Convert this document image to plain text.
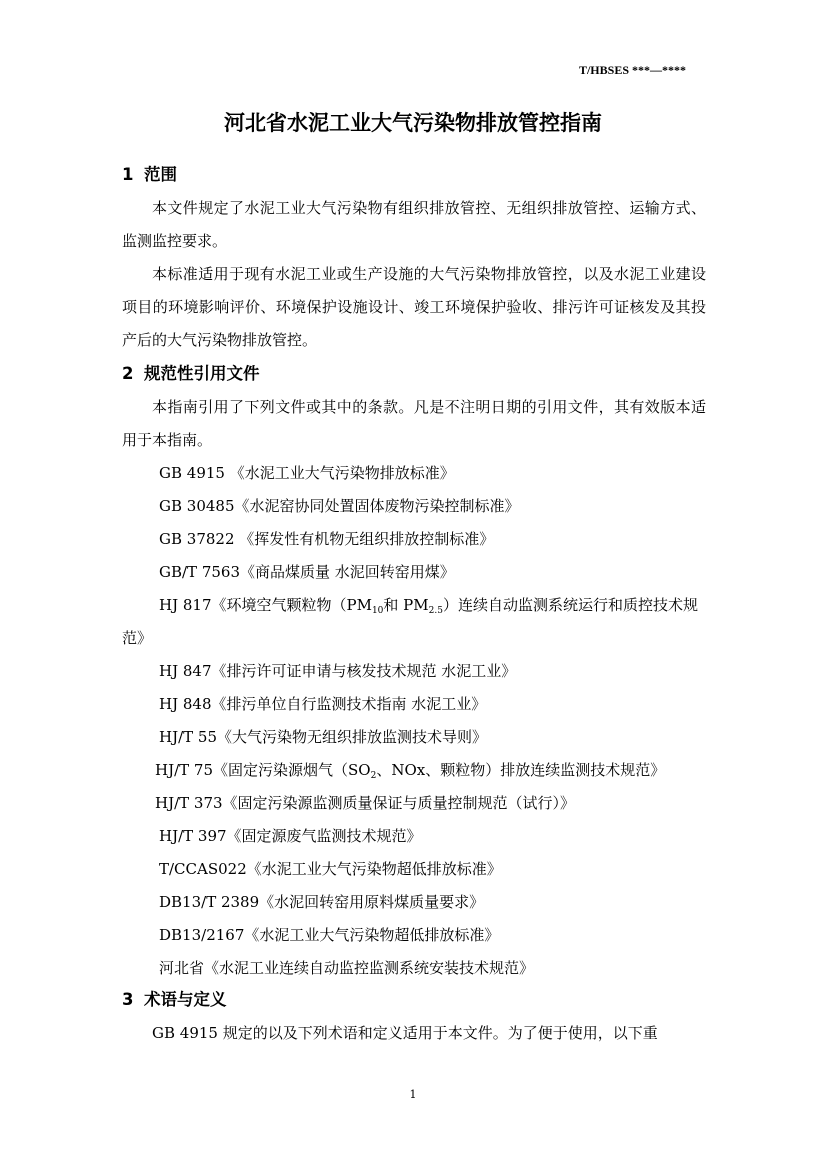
T/HBSES ***—****
河北省水泥工业大气污染物排放管控指南
1 范围
本文件规定了水泥工业大气污染物有组织排放管控、无组织排放管控、运输方式、监测监控要求。
本标准适用于现有水泥工业或生产设施的大气污染物排放管控，以及水泥工业建设项目的环境影响评价、环境保护设施设计、竣工环境保护验收、排污许可证核发及其投产后的大气污染物排放管控。
2 规范性引用文件
本指南引用了下列文件或其中的条款。凡是不注明日期的引用文件，其有效版本适用于本指南。
GB 4915 《水泥工业大气污染物排放标准》
GB 30485《水泥窑协同处置固体废物污染控制标准》
GB 37822 《挥发性有机物无组织排放控制标准》
GB/T 7563《商品煤质量 水泥回转窑用煤》
HJ 817《环境空气颗粒物（$PM_{10}$和 $PM_{2.5}$）连续自动监测系统运行和质控技术规范》
HJ 847《排污许可证申请与核发技术规范 水泥工业》
HJ 848《排污单位自行监测技术指南 水泥工业》
HJ/T 55《大气污染物无组织排放监测技术导则》
HJ/T 75《固定污染源烟气（$SO_2$、NOx、颗粒物）排放连续监测技术规范》
HJ/T 373《固定污染源监测质量保证与质量控制规范（试行）》
HJ/T 397《固定源废气监测技术规范》
T/CCAS022《水泥工业大气污染物超低排放标准》
DB13/T 2389《水泥回转窑用原料煤质量要求》
DB13/2167《水泥工业大气污染物超低排放标准》
河北省《水泥工业连续自动监控监测系统安装技术规范》
3 术语与定义
GB 4915 规定的以及下列术语和定义适用于本文件。为了便于使用，以下重
1
